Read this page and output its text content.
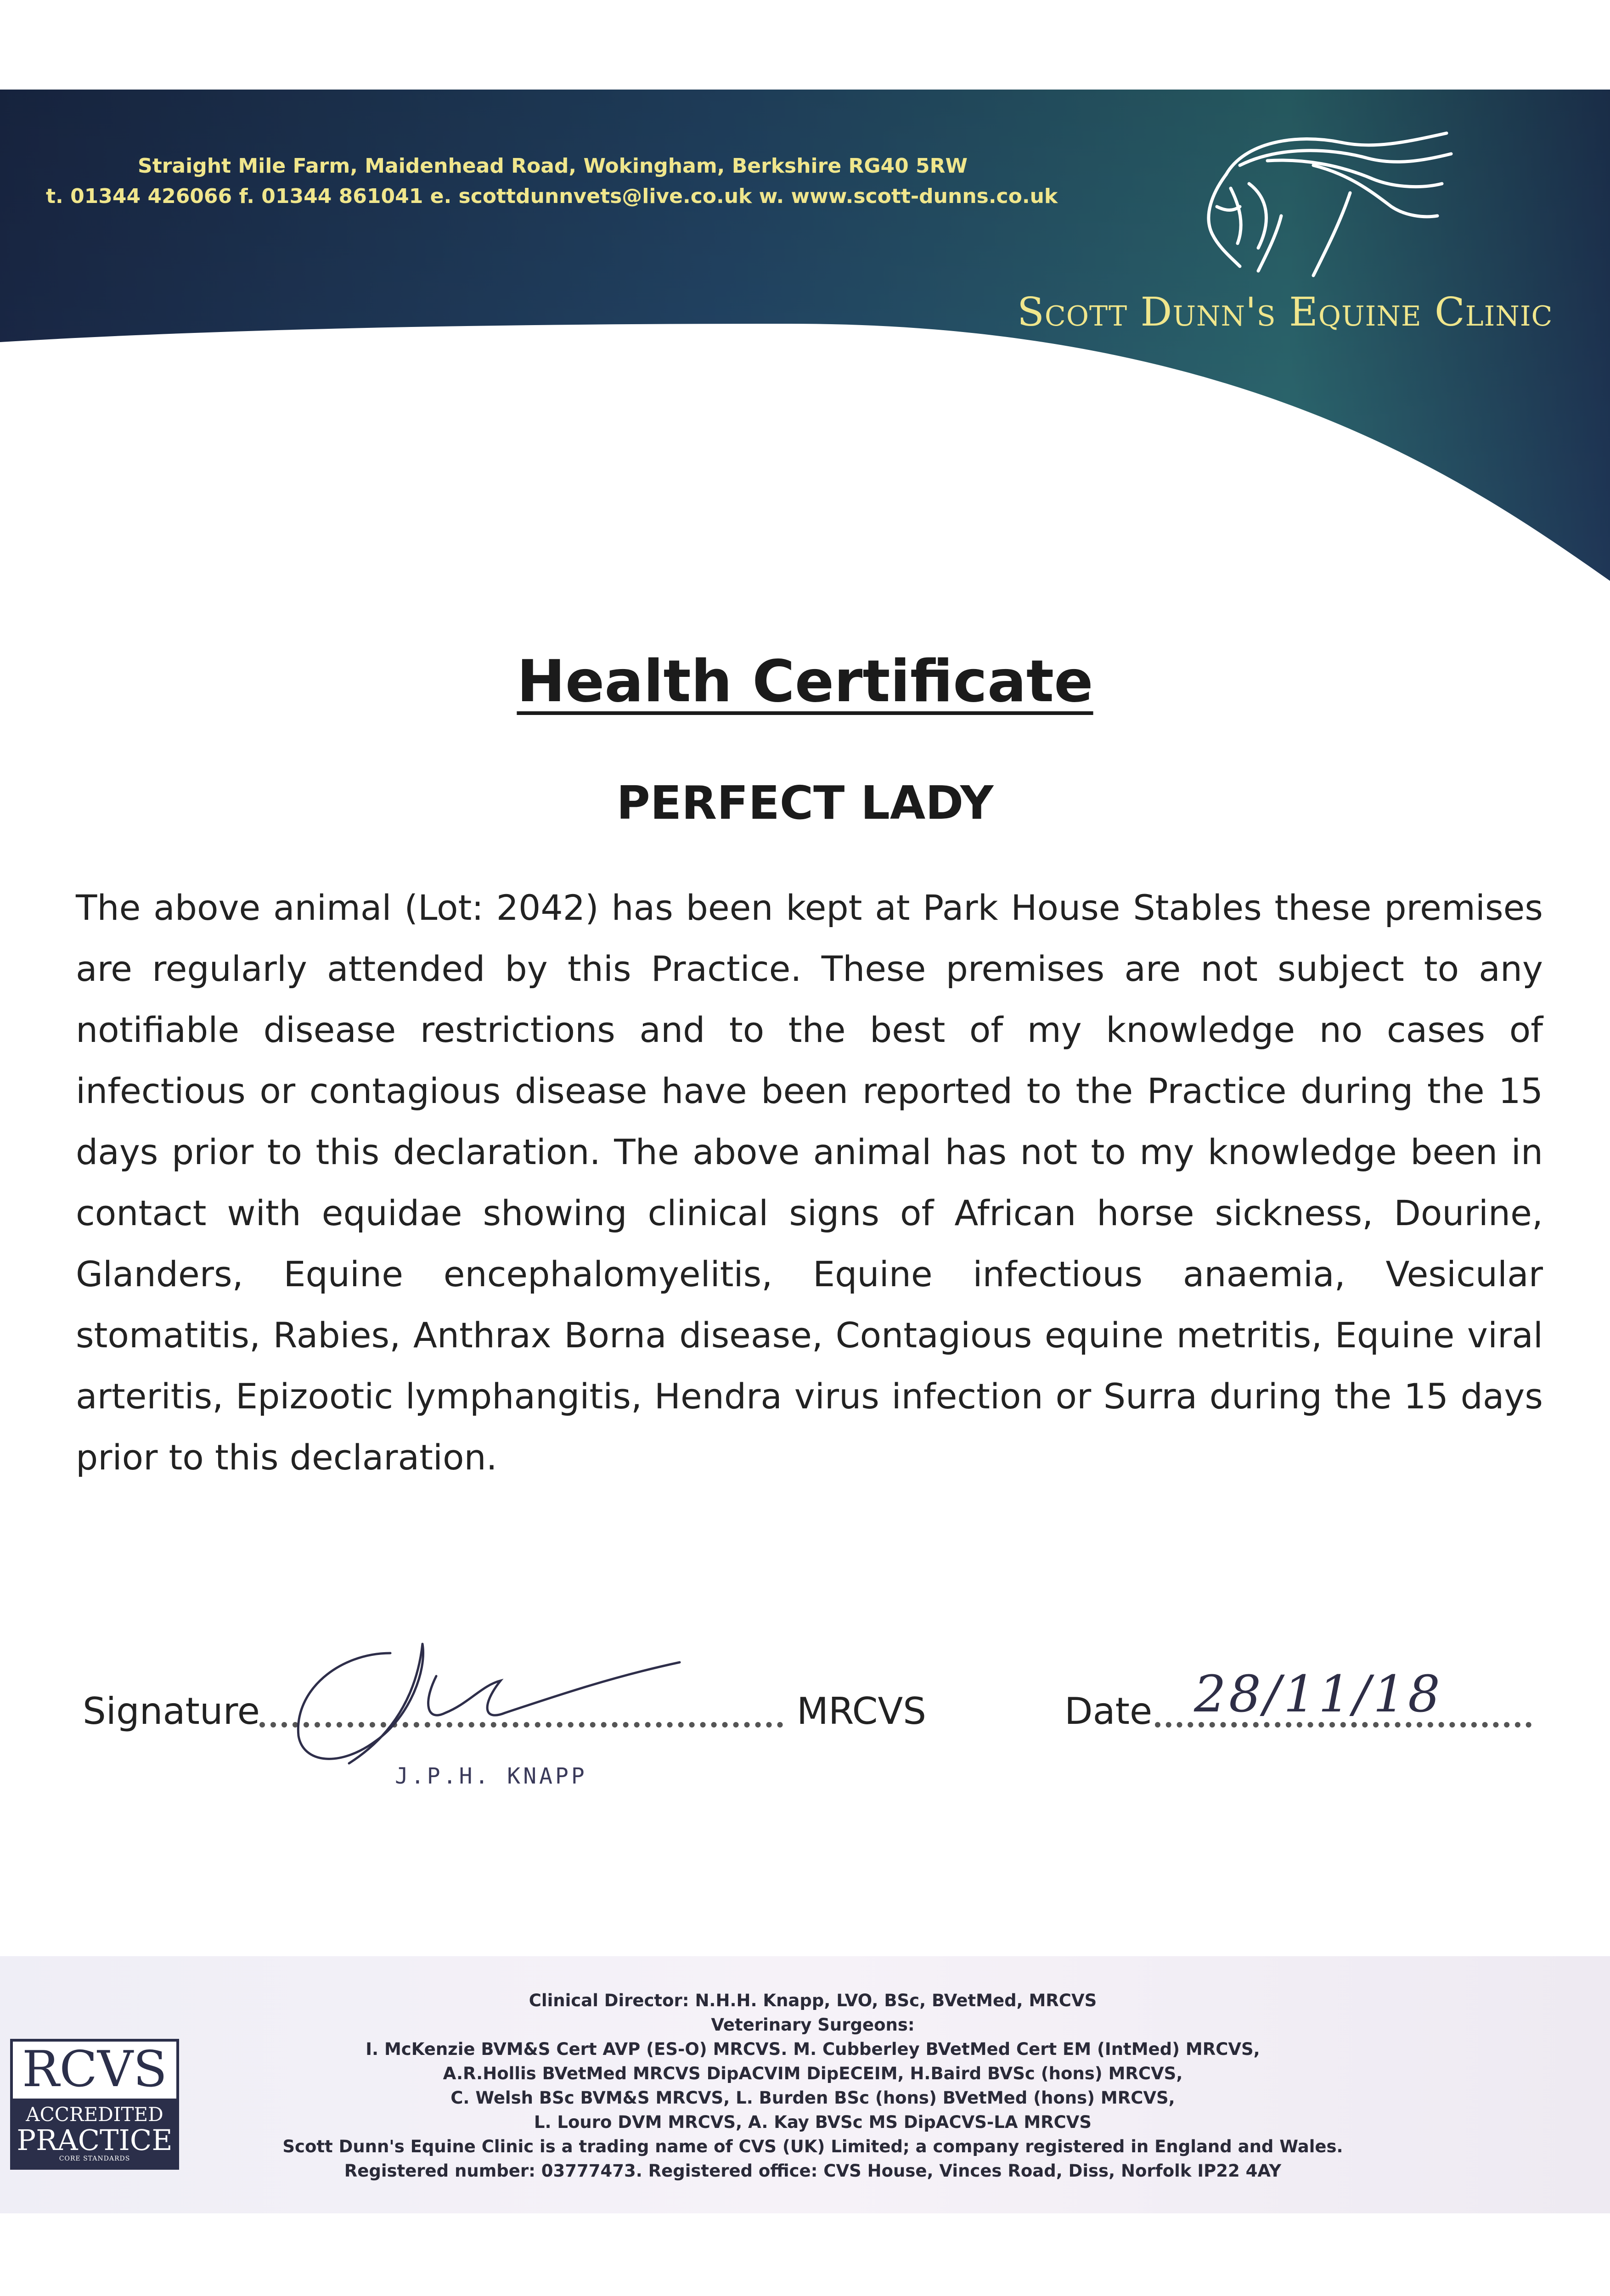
Straight Mile Farm, Maidenhead Road, Wokingham, Berkshire RG40 5RW
t. 01344 426066 f. 01344 861041 e. scottdunnvets@live.co.uk w. www.scott-dunns.co.uk
Scott Dunn's Equine Clinic
Health Certificate
PERFECT LADY
The above animal (Lot: 2042) has been kept at Park House Stables these premises are regularly attended by this Practice. These premises are not subject to any notifiable disease restrictions and to the best of my knowledge no cases of infectious or contagious disease have been reported to the Practice during the 15 days prior to this declaration. The above animal has not to my knowledge been in contact with equidae showing clinical signs of African horse sickness, Dourine, Glanders, Equine encephalomyelitis, Equine infectious anaemia, Vesicular stomatitis, Rabies, Anthrax Borna disease, Contagious equine metritis, Equine viral arteritis, Epizootic lymphangitis, Hendra virus infection or Surra during the 15 days prior to this declaration.
Signature	MRCVS
J.P.H. KNAPP
Date 28/11/18
RCVS
ACCREDITED
PRACTICE
CORE STANDARDS
Clinical Director: N.H.H. Knapp, LVO, BSc, BVetMed, MRCVS
Veterinary Surgeons:
I. McKenzie BVM&S Cert AVP (ES-O) MRCVS. M. Cubberley BVetMed Cert EM (IntMed) MRCVS,
A.R.Hollis BVetMed MRCVS DipACVIM DipECEIM, H.Baird BVSc (hons) MRCVS,
C. Welsh BSc BVM&S MRCVS, L. Burden BSc (hons) BVetMed (hons) MRCVS,
L. Louro DVM MRCVS, A. Kay BVSc MS DipACVS-LA MRCVS
Scott Dunn's Equine Clinic is a trading name of CVS (UK) Limited; a company registered in England and Wales.
Registered number: 03777473. Registered office: CVS House, Vinces Road, Diss, Norfolk IP22 4AY
